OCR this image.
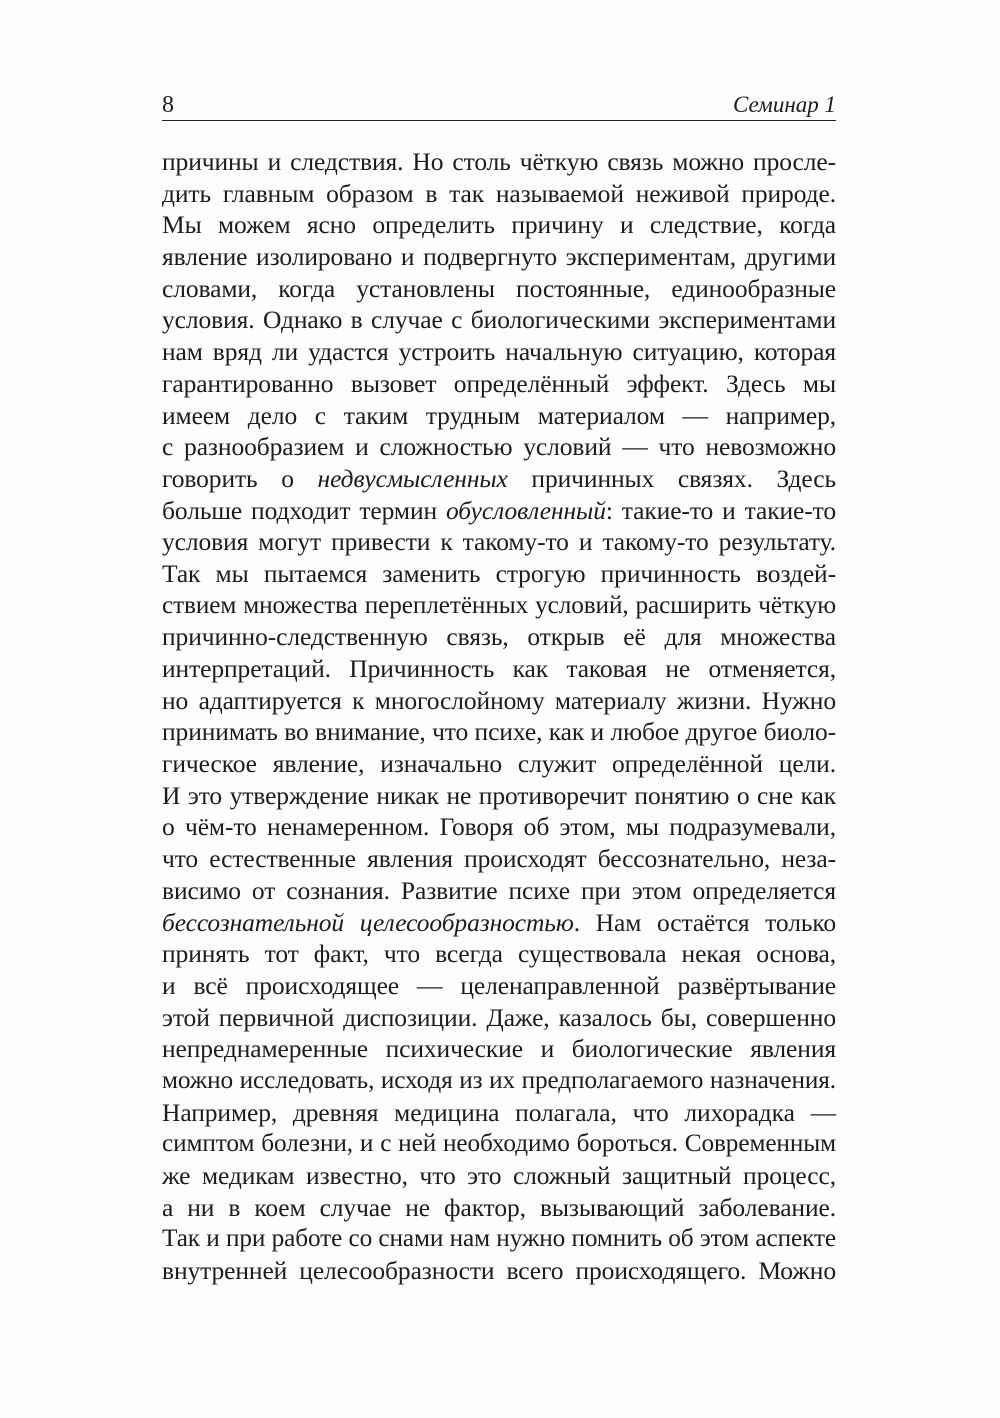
8	Семинар 1
причины и следствия. Но столь чёткую связь можно просле-
дить главным образом в так называемой неживой природе.
Мы можем ясно определить причину и следствие, когда
явление изолировано и подвергнуто экспериментам, другими
словами, когда установлены постоянные, единообразные
условия. Однако в случае с биологическими экспериментами
нам вряд ли удастся устроить начальную ситуацию, которая
гарантированно вызовет определённый эффект. Здесь мы
имеем дело с таким трудным материалом — например,
с разнообразием и сложностью условий — что невозможно
говорить о недвусмысленных причинных связях. Здесь
больше подходит термин обусловленный: такие-то и такие-то
условия могут привести к такому-то и такому-то результату.
Так мы пытаемся заменить строгую причинность воздей-
ствием множества переплетённых условий, расширить чёткую
причинно-следственную связь, открыв её для множества
интерпретаций. Причинность как таковая не отменяется,
но адаптируется к многослойному материалу жизни. Нужно
принимать во внимание, что психе, как и любое другое биоло-
гическое явление, изначально служит определённой цели.
И это утверждение никак не противоречит понятию о сне как
о чём-то ненамеренном. Говоря об этом, мы подразумевали,
что естественные явления происходят бессознательно, неза-
висимо от сознания. Развитие психе при этом определяется
бессознательной целесообразностью. Нам остаётся только
принять тот факт, что всегда существовала некая основа,
и всё происходящее — целенаправленной развёртывание
этой первичной диспозиции. Даже, казалось бы, совершенно
непреднамеренные психические и биологические явления
можно исследовать, исходя из их предполагаемого назначения.
Например, древняя медицина полагала, что лихорадка —
симптом болезни, и с ней необходимо бороться. Современным
же медикам известно, что это сложный защитный процесс,
а ни в коем случае не фактор, вызывающий заболевание.
Так и при работе со снами нам нужно помнить об этом аспекте
внутренней целесообразности всего происходящего. Можно
